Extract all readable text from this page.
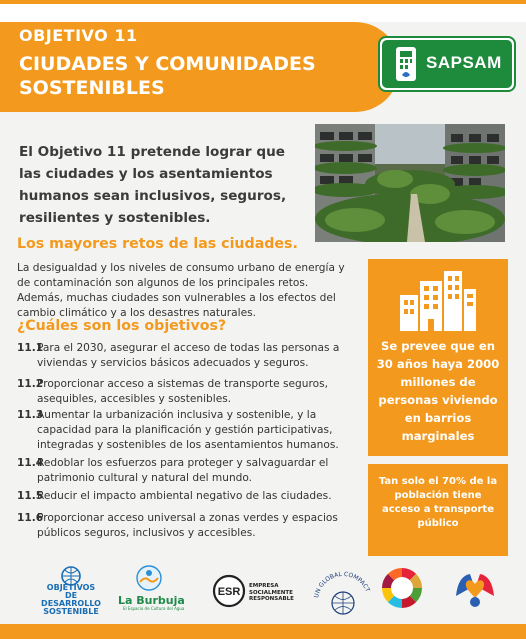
OBJETIVO 11
CIUDADES Y COMUNIDADES SOSTENIBLES
SAPSAM
El Objetivo 11 pretende lograr que las ciudades y los asentamientos humanos sean inclusivos, seguros, resilientes y sostenibles.
Los mayores retos de las ciudades.
La desigualdad y los niveles de consumo urbano de energía y de contaminación son algunos de los principales retos. Además, muchas ciudades son vulnerables a los efectos del cambio climático y a los desastres naturales.
¿Cuáles son los objetivos?
11.1
Para el 2030, asegurar el acceso de todas las personas a viviendas y servicios básicos adecuados y seguros.
11.2
Proporcionar acceso a sistemas de transporte seguros, asequibles, accesibles y sostenibles.
11.3
Aumentar la urbanización inclusiva y sostenible, y la capacidad para la planificación y gestión participativas, integradas y sostenibles de los asentamientos humanos.
11.4
Redoblar los esfuerzos para proteger y salvaguardar el patrimonio cultural y natural del mundo.
11.5
Reducir el impacto ambiental negativo de las ciudades.
11.6
Proporcionar acceso universal a zonas verdes y espacios públicos seguros, inclusivos y accesibles.
Se prevee que en 30 años haya 2000 millones de personas viviendo en barrios marginales
Tan solo el 70% de la población tiene acceso a transporte público
OBJETIVOS
DE DESARROLLO
SOSTENIBLE
La Burbuja
El Espacio de Cultura del Agua
ESR EMPRESA
SOCIALMENTE
RESPONSABLE
UN GLOBAL COMPACT
